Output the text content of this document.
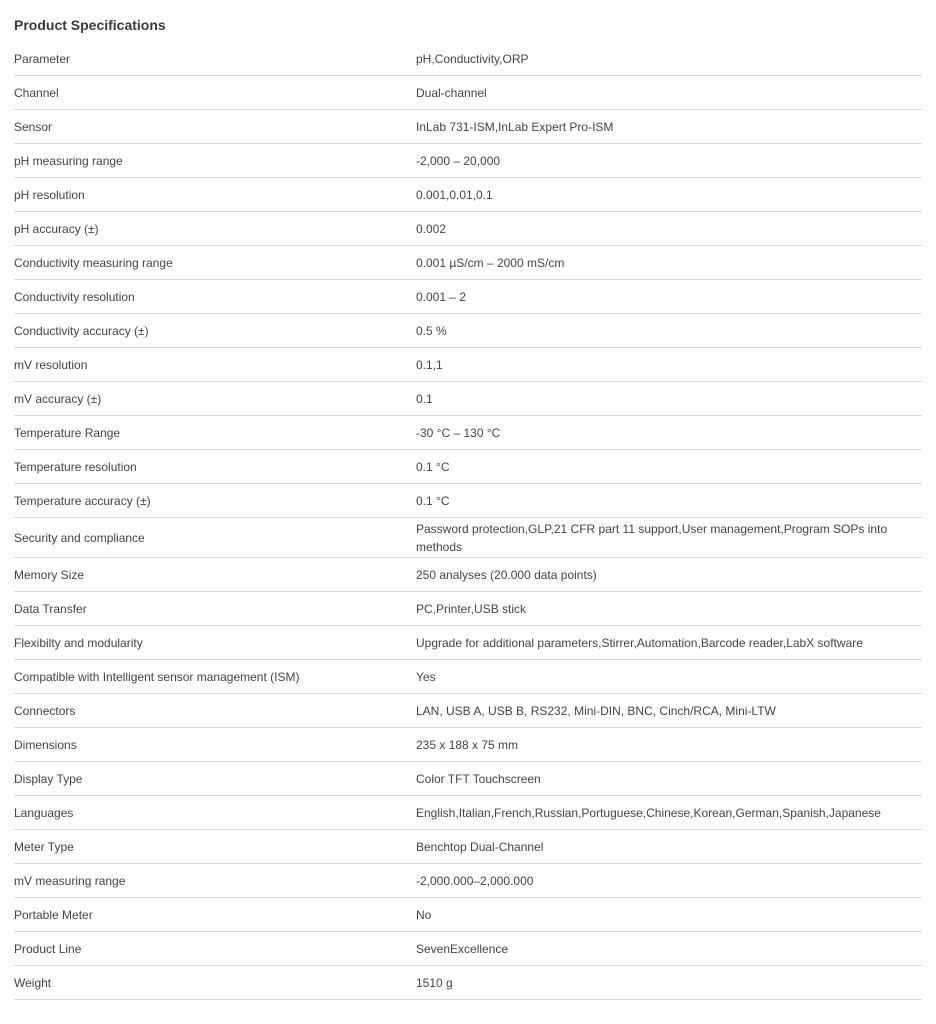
Product Specifications
Parameter	pH,Conductivity,ORP
Channel	Dual-channel
Sensor	InLab 731-ISM,InLab Expert Pro-ISM
pH measuring range	-2,000 – 20,000
pH resolution	0.001,0.01,0.1
pH accuracy (±)	0.002
Conductivity measuring range	0.001 µS/cm – 2000 mS/cm
Conductivity resolution	0.001 – 2
Conductivity accuracy (±)	0.5 %
mV resolution	0.1,1
mV accuracy (±)	0.1
Temperature Range	-30 °C – 130 °C
Temperature resolution	0.1 °C
Temperature accuracy (±)	0.1 °C
Security and compliance	Password protection,GLP,21 CFR part 11 support,User management,Program SOPs into methods
Memory Size	250 analyses (20.000 data points)
Data Transfer	PC,Printer,USB stick
Flexibilty and modularity	Upgrade for additional parameters,Stirrer,Automation,Barcode reader,LabX software
Compatible with Intelligent sensor management (ISM)	Yes
Connectors	LAN, USB A, USB B, RS232, Mini-DIN, BNC, Cinch/RCA, Mini-LTW
Dimensions	235 x 188 x 75 mm
Display Type	Color TFT Touchscreen
Languages	English,Italian,French,Russian,Portuguese,Chinese,Korean,German,Spanish,Japanese
Meter Type	Benchtop Dual-Channel
mV measuring range	-2,000.000–2,000.000
Portable Meter	No
Product Line	SevenExcellence
Weight	1510 g
